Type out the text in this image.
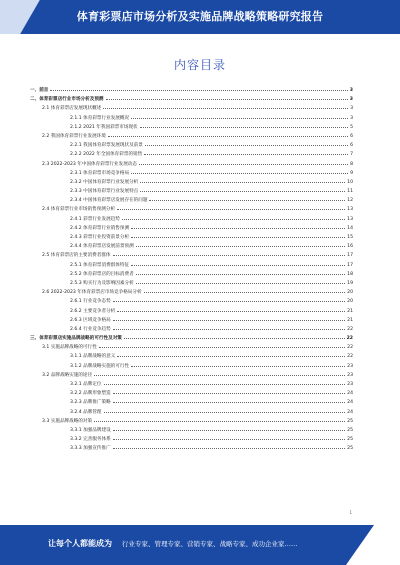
体育彩票店市场分析及实施品牌战略策略研究报告
内容目录
一、前言	3
二、体育彩票店行业市场分析及预测	3
2.1 体育彩票店发展现状概述	3
2.1.1 体育彩票行业发展概况	3
2.1.2 2021 年我国彩票市场现状	5
2.2 我国体育彩票行业发展环境	6
2.2.1 我国体育彩票发展现状及前景	6
2.2.2 2022 年全国体育彩票的销售	7
2.3 2022-2023 年中国体育彩票行业发展动态	8
2.3.1 体育彩票市场竞争格局	9
2.3.2 中国体育彩票行业发展分析	10
2.3.3 中国体育彩票行业发展特点	11
2.3.4 中国体育彩票店发展存在的问题	12
2.4 体育彩票行业市场销售预测分析	13
2.4.1 彩票行业发展趋势	13
2.4.2 体育彩票行业销售预测	14
2.4.3 彩票行业投资前景分析	15
2.4.4 体育彩票店发展前景预测	16
2.5 体育彩票店的主要消费者群体	17
2.5.1 体育彩票消费群体特征	17
2.5.2 体育彩票店的目标消费者	18
2.5.3 购买行为及影响因素分析	19
2.6 2022-2023 年体育彩票店市场竞争格局分析	20
2.6.1 行业竞争态势	20
2.6.2 主要竞争者分析	21
2.6.3 区域竞争格局	21
2.6.4 行业竞争趋势	22
三、体育彩票店实施品牌战略的可行性及对策	22
3.1 实施品牌战略的可行性	22
3.1.1 品牌战略的意义	22
3.1.2 品牌战略实施的可行性	23
3.2 品牌战略实施的途径	23
3.2.1 品牌定位	23
3.2.2 品牌形象塑造	24
3.2.3 品牌推广策略	24
3.2.4 品牌管理	24
3.3 实施品牌战略的对策	25
3.3.1 加强品牌建设	25
3.3.2 完善服务体系	25
3.3.3 加强宣传推广	25
1
让每个人都能成为 行业专家、管理专家、营销专家、战略专家、成功企业家……
